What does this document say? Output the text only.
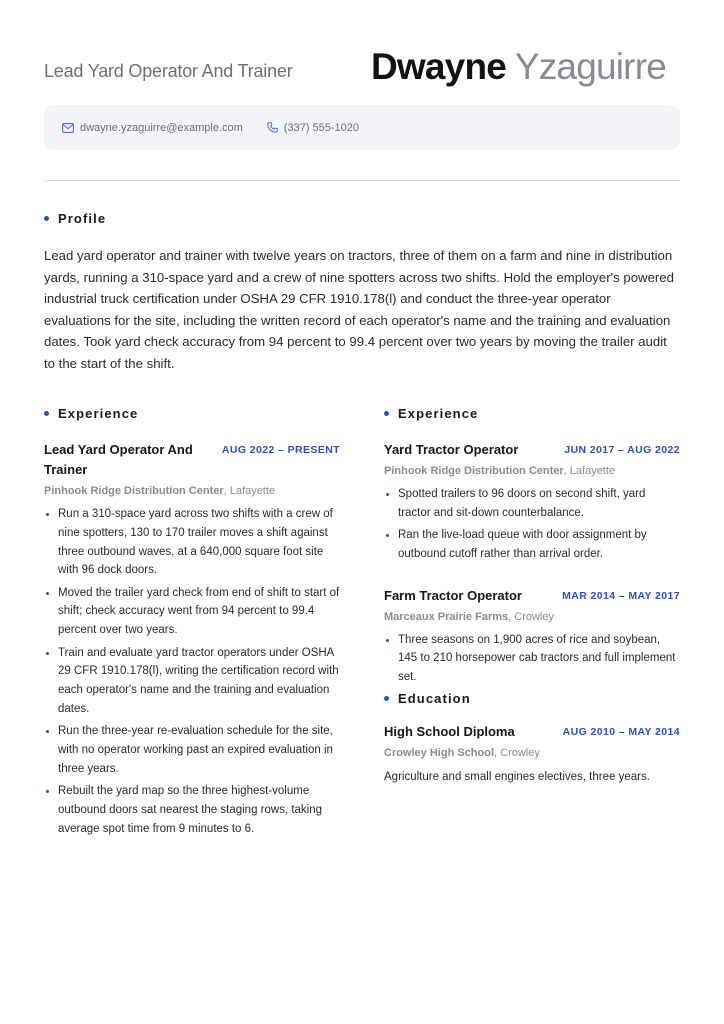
Lead Yard Operator And Trainer Dwayne Yzaguirre
dwayne.yzaguirre@example.com	(337) 555-1020
Profile
Lead yard operator and trainer with twelve years on tractors, three of them on a farm and nine in distribution yards, running a 310-space yard and a crew of nine spotters across two shifts. Hold the employer's powered industrial truck certification under OSHA 29 CFR 1910.178(l) and conduct the three-year operator evaluations for the site, including the written record of each operator's name and the training and evaluation dates. Took yard check accuracy from 94 percent to 99.4 percent over two years by moving the trailer audit to the start of the shift.
Experience	Experience
Lead Yard Operator And Trainer
AUG 2022 – PRESENT
Pinhook Ridge Distribution Center, Lafayette
Run a 310-space yard across two shifts with a crew of nine spotters, 130 to 170 trailer moves a shift against three outbound waves, at a 640,000 square foot site with 96 dock doors.
Moved the trailer yard check from end of shift to start of shift; check accuracy went from 94 percent to 99.4 percent over two years.
Train and evaluate yard tractor operators under OSHA 29 CFR 1910.178(l), writing the certification record with each operator's name and the training and evaluation dates.
Run the three-year re-evaluation schedule for the site, with no operator working past an expired evaluation in three years.
Rebuilt the yard map so the three highest-volume outbound doors sat nearest the staging rows, taking average spot time from 9 minutes to 6.
Yard Tractor Operator	JUN 2017 – AUG 2022
Pinhook Ridge Distribution Center, Lafayette
Spotted trailers to 96 doors on second shift, yard tractor and sit-down counterbalance.
Ran the live-load queue with door assignment by outbound cutoff rather than arrival order.
Farm Tractor Operator	MAR 2014 – MAY 2017
Marceaux Prairie Farms, Crowley
Three seasons on 1,900 acres of rice and soybean, 145 to 210 horsepower cab tractors and full implement set.
Education
High School Diploma	AUG 2010 – MAY 2014
Crowley High School, Crowley
Agriculture and small engines electives, three years.
